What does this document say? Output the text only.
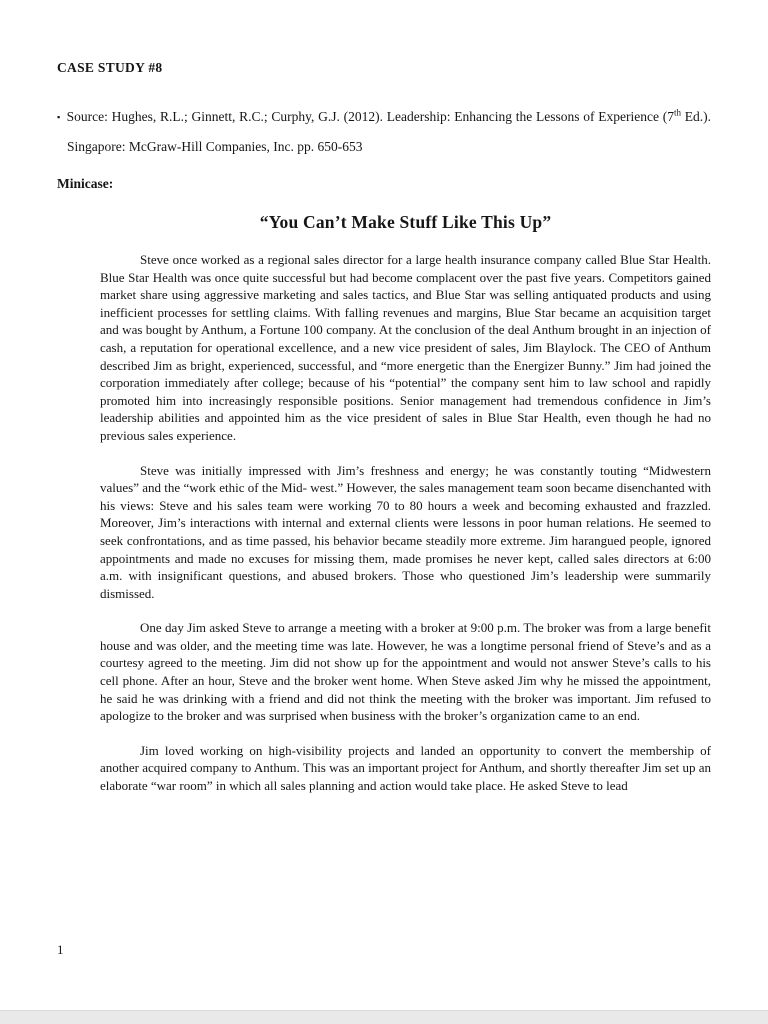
CASE STUDY #8

▪ Source: Hughes, R.L.; Ginnett, R.C.; Curphy, G.J. (2012). Leadership: Enhancing the Lessons of Experience (7th Ed.). Singapore: McGraw-Hill Companies, Inc. pp. 650-653

Minicase:
“You Can’t Make Stuff Like This Up”

Steve once worked as a regional sales director for a large health insurance company called Blue Star Health. Blue Star Health was once quite successful but had become complacent over the past five years. Competitors gained market share using aggressive marketing and sales tactics, and Blue Star was selling antiquated products and using inefficient processes for settling claims. With falling revenues and margins, Blue Star became an acquisition target and was bought by Anthum, a Fortune 100 company. At the conclusion of the deal Anthum brought in an injection of cash, a reputation for operational excellence, and a new vice president of sales, Jim Blaylock. The CEO of Anthum described Jim as bright, experienced, successful, and “more energetic than the Energizer Bunny.” Jim had joined the corporation immediately after college; because of his “potential” the company sent him to law school and rapidly promoted him into increasingly responsible positions. Senior management had tremendous confidence in Jim’s leadership abilities and appointed him as the vice president of sales in Blue Star Health, even though he had no previous sales experience.

Steve was initially impressed with Jim’s freshness and energy; he was constantly touting “Midwestern values” and the “work ethic of the Mid- west.” However, the sales management team soon became disenchanted with his views: Steve and his sales team were working 70 to 80 hours a week and becoming exhausted and frazzled. Moreover, Jim’s interactions with internal and external clients were lessons in poor human relations. He seemed to seek confrontations, and as time passed, his behavior became steadily more extreme. Jim harangued people, ignored appointments and made no excuses for missing them, made promises he never kept, called sales directors at 6:00 a.m. with insignificant questions, and abused brokers. Those who questioned Jim’s leadership were summarily dismissed.

One day Jim asked Steve to arrange a meeting with a broker at 9:00 p.m. The broker was from a large benefit house and was older, and the meeting time was late. However, he was a longtime personal friend of Steve’s and as a courtesy agreed to the meeting. Jim did not show up for the appointment and would not answer Steve’s calls to his cell phone. After an hour, Steve and the broker went home. When Steve asked Jim why he missed the appointment, he said he was drinking with a friend and did not think the meeting with the broker was important. Jim refused to apologize to the broker and was surprised when business with the broker’s organization came to an end.

Jim loved working on high-visibility projects and landed an opportunity to convert the membership of another acquired company to Anthum. This was an important project for Anthum, and shortly thereafter Jim set up an elaborate “war room” in which all sales planning and action would take place. He asked Steve to lead

1
